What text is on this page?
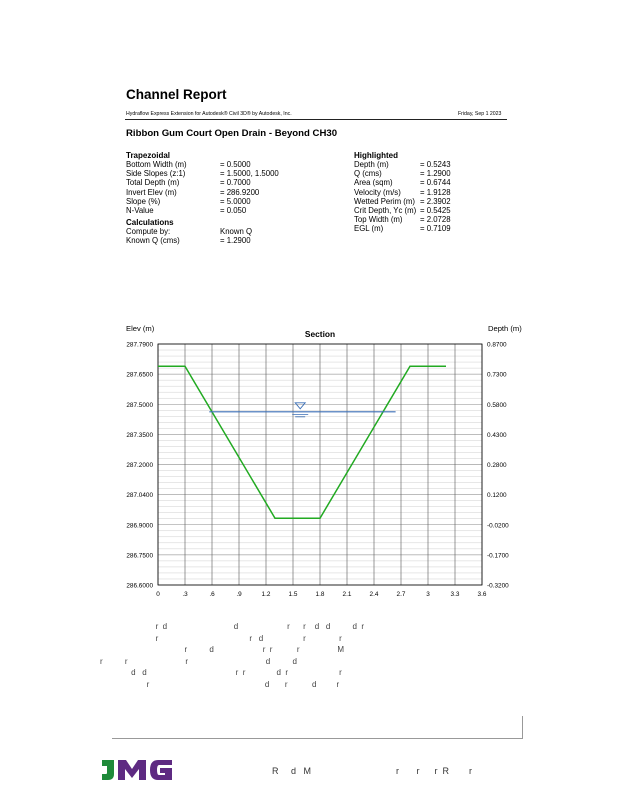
Channel Report
Hydraflow Express Extension for Autodesk® Civil 3D® by Autodesk, Inc.	Friday, Sep 1 2023
Ribbon Gum Court Open Drain - Beyond CH30
Trapezoidal
Bottom Width (m)	= 0.5000
Side Slopes (z:1)	= 1.5000, 1.5000
Total Depth (m)	= 0.7000
Invert Elev (m)	= 286.9200
Slope (%)	= 5.0000
N-Value	= 0.050
Calculations
Compute by:	Known Q
Known Q (cms)	= 1.2900
Highlighted
Depth (m)	= 0.5243
Q (cms)	= 1.2900
Area (sqm)	= 0.6744
Velocity (m/s) = 1.9128
Wetted Perim (m) = 2.3902
Crit Depth, Yc (m) = 0.5425
Top Width (m) = 2.0728
EGL (m)	= 0.7109
287.7900	0.8700
287.6500	0.7300
287.5000	0.5800
287.3500	0.4300
287.2000	0.2800
287.0400	0.1200
286.9000	-0.0200
286.7500	-0.1700
286.6000	-0.3200
0	.3	.6	.9	1.2	1.5	1.8	2.1	2.4	2.7	3	3.3	3.6
Elev (m)	Depth (m)
Section
r  d                              d                      r      r    d   d          d  r
r                                         r   d                  r               r
r          d                      r  r           r                 M
r          r                          r                                   d          d
d   d                                        r  r              d  r                       r
r                                                    d       r           d         r
R     d   M                                  r       r      r  R        r
